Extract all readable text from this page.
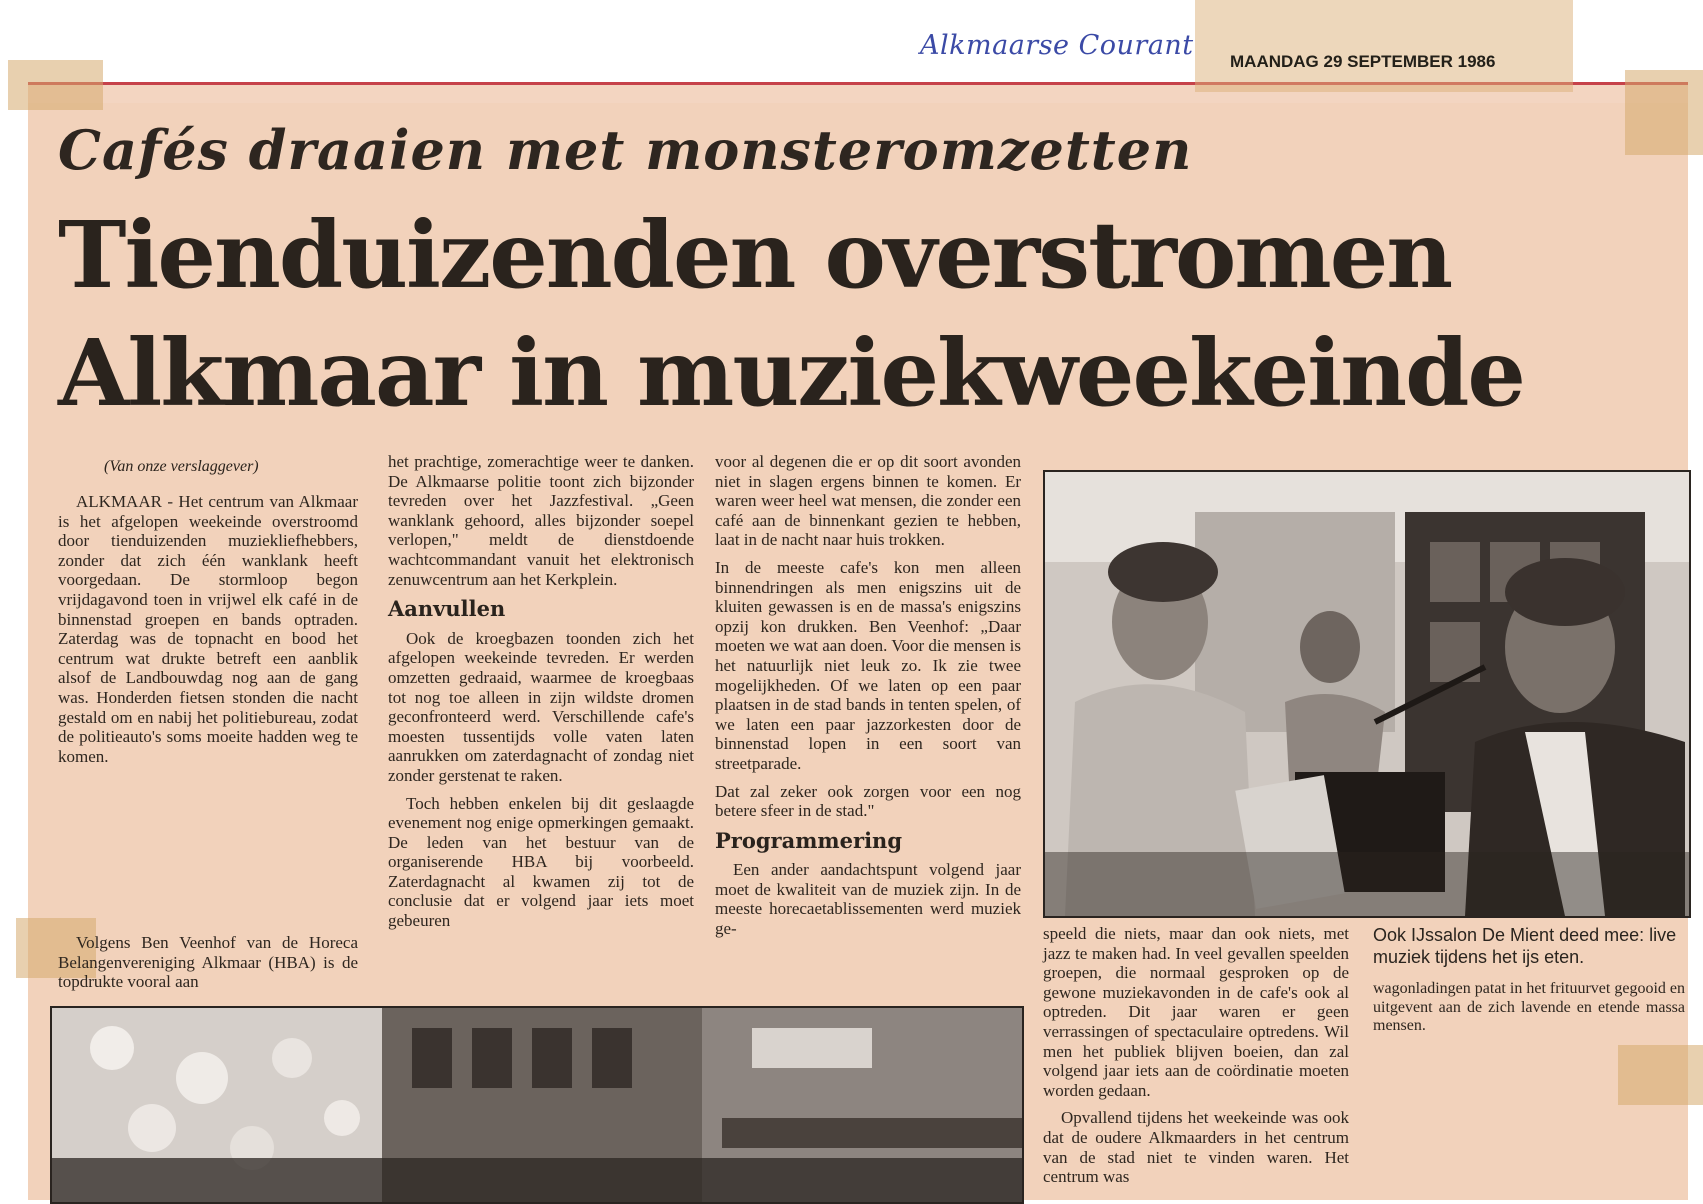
Alkmaarse Courant
MAANDAG 29 SEPTEMBER 1986
Cafés draaien met monsteromzetten
Tienduizenden overstromen
Alkmaar in muziekweekeinde
(Van onze verslaggever)

ALKMAAR - Het centrum van Alkmaar is het afgelopen weekeinde overstroomd door tienduizenden muziekliefhebbers, zonder dat zich één wanklank heeft voorgedaan. De stormloop begon vrijdagavond toen in vrijwel elk café in de binnenstad groepen en bands optraden. Zaterdag was de topnacht en bood het centrum wat drukte betreft een aanblik alsof de Landbouwdag nog aan de gang was. Honderden fietsen stonden die nacht gestald om en nabij het politiebureau, zodat de politieauto's soms moeite hadden weg te komen.

Volgens Ben Veenhof van de Horeca Belangenvereniging Alkmaar (HBA) is de topdrukte vooral aan

het prachtige, zomerachtige weer te danken. De Alkmaarse politie toont zich bijzonder tevreden over het Jazzfestival. „Geen wanklank gehoord, alles bijzonder soepel verlopen," meldt de dienstdoende wachtcommandant vanuit het elektronisch zenuwcentrum aan het Kerkplein.

Aanvullen

Ook de kroegbazen toonden zich het afgelopen weekeinde tevreden. Er werden omzetten gedraaid, waarmee de kroegbaas tot nog toe alleen in zijn wildste dromen geconfronteerd werd. Verschillende cafe's moesten tussentijds volle vaten laten aanrukken om zaterdagnacht of zondag niet zonder gerstenat te raken.

Toch hebben enkelen bij dit geslaagde evenement nog enige opmerkingen gemaakt. De leden van het bestuur van de organiserende HBA bij voorbeeld. Zaterdagnacht al kwamen zij tot de conclusie dat er volgend jaar iets moet gebeuren

voor al degenen die er op dit soort avonden niet in slagen ergens binnen te komen. Er waren weer heel wat mensen, die zonder een café aan de binnenkant gezien te hebben, laat in de nacht naar huis trokken.

In de meeste cafe's kon men alleen binnendringen als men enigszins uit de kluiten gewassen is en de massa's enigszins opzij kon drukken. Ben Veenhof: „Daar moeten we wat aan doen. Voor die mensen is het natuurlijk niet leuk zo. Ik zie twee mogelijkheden. Of we laten op een paar plaatsen in de stad bands in tenten spelen, of we laten een paar jazzorkesten door de binnenstad lopen in een soort van streetparade.

Dat zal zeker ook zorgen voor een nog betere sfeer in de stad."

Programmering

Een ander aandachtspunt volgend jaar moet de kwaliteit van de muziek zijn. In de meeste horecaetablissementen werd muziek ge-	speeld die niets, maar dan ook niets, met jazz te maken had. In veel gevallen speelden groepen, die normaal gesproken op de gewone muziekavonden in de cafe's ook al optreden. Dit jaar waren er geen verrassingen of spectaculaire optredens. Wil men het publiek blijven boeien, dan zal volgend jaar iets aan de coördinatie moeten worden gedaan.

Opvallend tijdens het weekeinde was ook dat de oudere Alkmaarders in het centrum van de stad niet te vinden waren. Het centrum was

Ook IJssalon De Mient deed mee: live muziek tijdens het ijs eten.
wagonladingen patat in het frituurvet gegooid en uitgevent aan de zich lavende en etende massa mensen.
